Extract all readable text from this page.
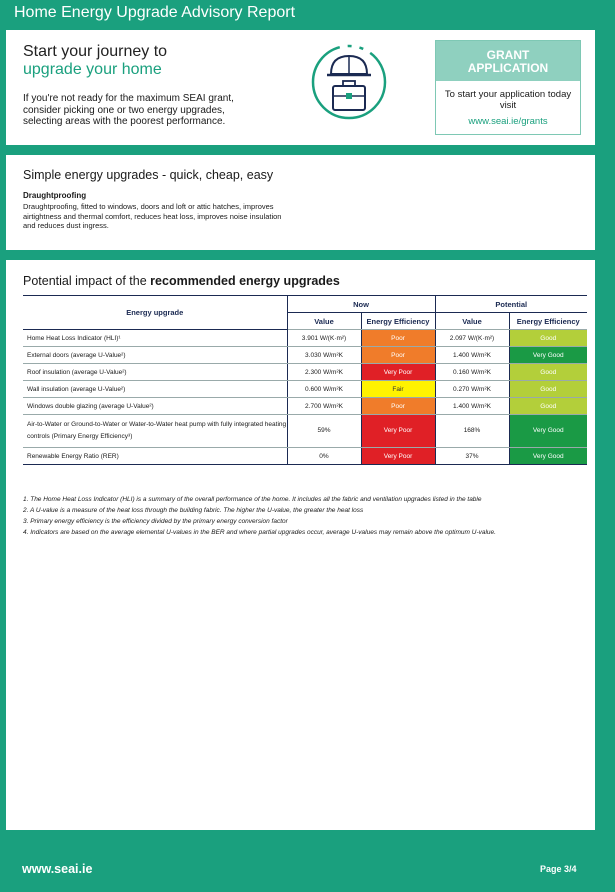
Home Energy Upgrade Advisory Report
Start your journey to
upgrade your home
If you're not ready for the maximum SEAI grant, consider picking one or two energy upgrades, selecting areas with the poorest performance.
GRANT
APPLICATION
To start your application today visit
www.seai.ie/grants
Simple energy upgrades - quick, cheap, easy
Draughtproofing
Draughtproofing, fitted to windows, doors and loft or attic hatches, improves airtightness and thermal comfort, reduces heat loss, improves noise insulation and reduces dust ingress.
Potential impact of the recommended energy upgrades
Energy upgrade	Now		Potential	
	Value	Energy Efficiency	Value	Energy Efficiency
Home Heat Loss Indicator (HLI)¹	3.901 W/(K·m²)	Poor	2.097 W/(K·m²)	Good
External doors (average U-Value²)	3.030 W/m²K	Poor	1.400 W/m²K	Very Good
Roof insulation (average U-Value²)	2.300 W/m²K	Very Poor	0.160 W/m²K	Good
Wall insulation (average U-Value²)	0.600 W/m²K	Fair	0.270 W/m²K	Good
Windows double glazing (average U-Value²)	2.700 W/m²K	Poor	1.400 W/m²K	Good
Air-to-Water or Ground-to-Water or Water-to-Water heat pump with fully integrated heating controls (Primary Energy Efficiency³)	59%	Very Poor	168%	Very Good
Renewable Energy Ratio (RER)	0%	Very Poor	37%	Very Good
1. The Home Heat Loss Indicator (HLI) is a summary of the overall performance of the home. It includes all the fabric and ventilation upgrades listed in the table
2. A U-value is a measure of the heat loss through the building fabric. The higher the U-value, the greater the heat loss
3. Primary energy efficiency is the efficiency divided by the primary energy conversion factor
4. Indicators are based on the average elemental U-values in the BER and where partial upgrades occur, average U-values may remain above the optimum U-value.
www.seai.ie	Page 3/4
